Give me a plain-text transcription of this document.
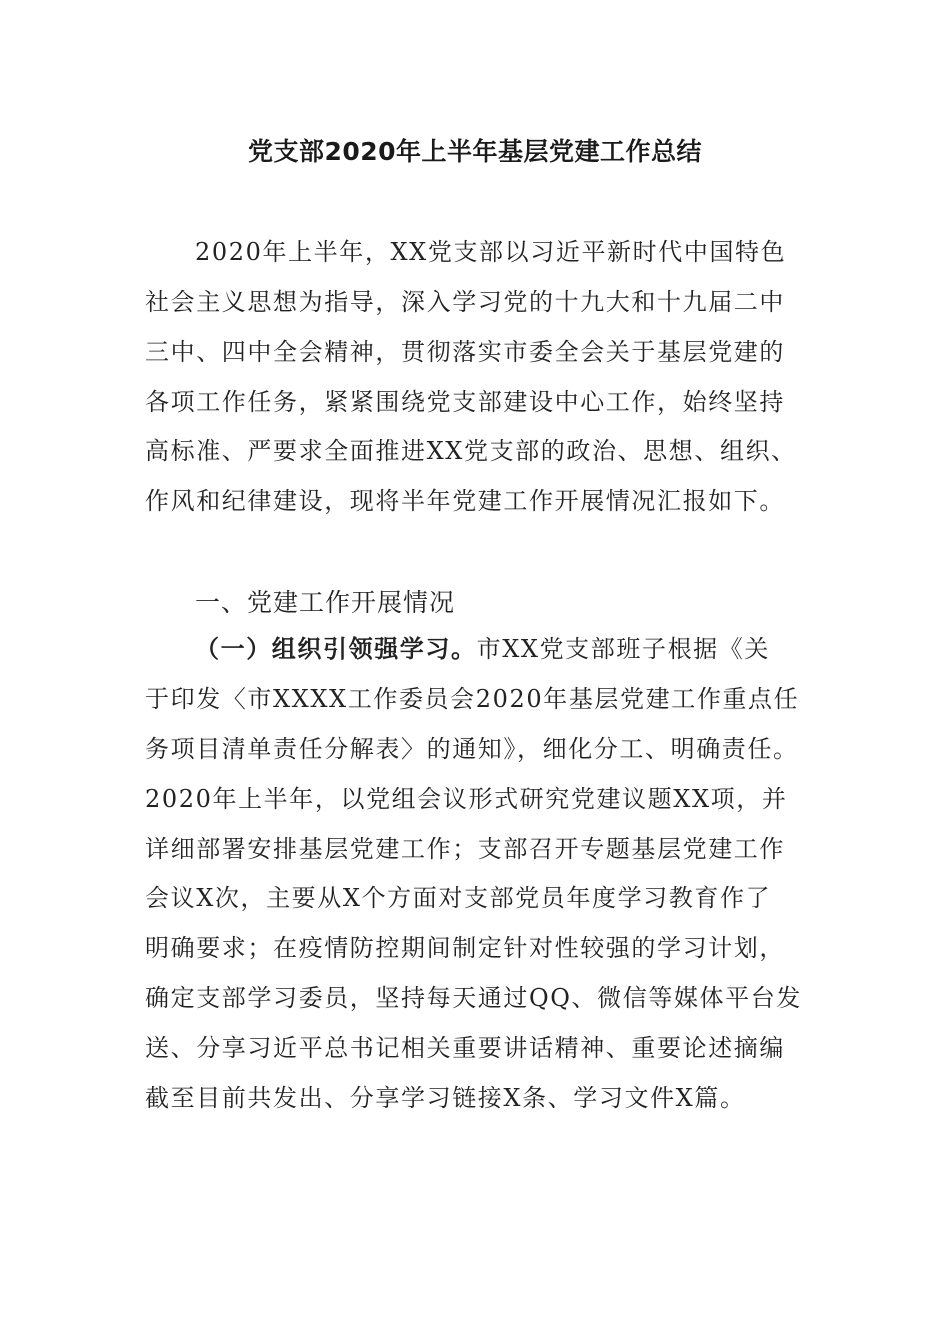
党支部2020年上半年基层党建工作总结
2020年上半年，XX党支部以习近平新时代中国特色
社会主义思想为指导，深入学习党的十九大和十九届二中
三中、四中全会精神，贯彻落实市委全会关于基层党建的
各项工作任务，紧紧围绕党支部建设中心工作，始终坚持
高标准、严要求全面推进XX党支部的政治、思想、组织、
作风和纪律建设，现将半年党建工作开展情况汇报如下。
一、党建工作开展情况
（一）组织引领强学习。市XX党支部班子根据《关
于印发〈市XXXX工作委员会2020年基层党建工作重点任
务项目清单责任分解表〉的通知》，细化分工、明确责任。
2020年上半年，以党组会议形式研究党建议题XX项，并
详细部署安排基层党建工作；支部召开专题基层党建工作
会议X次，主要从X个方面对支部党员年度学习教育作了
明确要求；在疫情防控期间制定针对性较强的学习计划，
确定支部学习委员，坚持每天通过QQ、微信等媒体平台发
送、分享习近平总书记相关重要讲话精神、重要论述摘编
截至目前共发出、分享学习链接X条、学习文件X篇。
